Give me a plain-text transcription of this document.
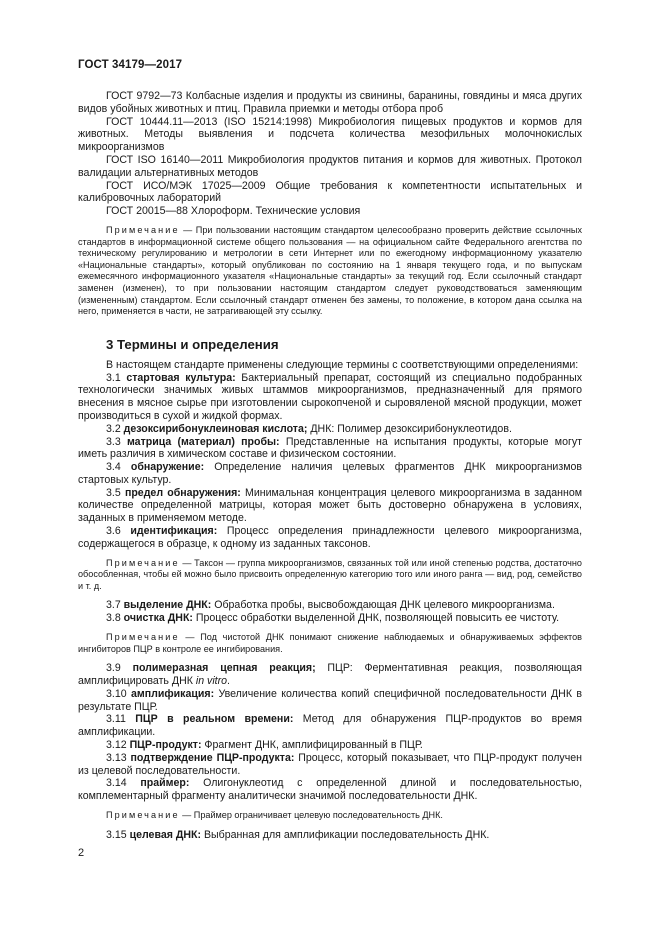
ГОСТ 34179—2017

ГОСТ 9792—73 Колбасные изделия и продукты из свинины, баранины, говядины и мяса других видов убойных животных и птиц. Правила приемки и методы отбора проб

ГОСТ 10444.11—2013 (ISO 15214:1998) Микробиология пищевых продуктов и кормов для животных. Методы выявления и подсчета количества мезофильных молочнокислых микроорганизмов

ГОСТ ISO 16140—2011 Микробиология продуктов питания и кормов для животных. Протокол валидации альтернативных методов

ГОСТ ИСО/МЭК 17025—2009 Общие требования к компетентности испытательных и калибровочных лабораторий

ГОСТ 20015—88 Хлороформ. Технические условия

Примечание — При пользовании настоящим стандартом целесообразно проверить действие ссылочных стандартов в информационной системе общего пользования — на официальном сайте Федерального агентства по техническому регулированию и метрологии в сети Интернет или по ежегодному информационному указателю «Национальные стандарты», который опубликован по состоянию на 1 января текущего года, и по выпускам ежемесячного информационного указателя «Национальные стандарты» за текущий год. Если ссылочный стандарт заменен (изменен), то при пользовании настоящим стандартом следует руководствоваться заменяющим (измененным) стандартом. Если ссылочный стандарт отменен без замены, то положение, в котором дана ссылка на него, применяется в части, не затрагивающей эту ссылку.

3 Термины и определения

В настоящем стандарте применены следующие термины с соответствующими определениями:

3.1 стартовая культура: Бактериальный препарат, состоящий из специально подобранных технологически значимых живых штаммов микроорганизмов, предназначенный для прямого внесения в мясное сырье при изготовлении сырокопченой и сыровяленой мясной продукции, может производиться в сухой и жидкой формах.

3.2 дезоксирибонуклеиновая кислота; ДНК: Полимер дезоксирибонуклеотидов.

3.3 матрица (материал) пробы: Представленные на испытания продукты, которые могут иметь различия в химическом составе и физическом состоянии.

3.4 обнаружение: Определение наличия целевых фрагментов ДНК микроорганизмов стартовых культур.

3.5 предел обнаружения: Минимальная концентрация целевого микроорганизма в заданном количестве определенной матрицы, которая может быть достоверно обнаружена в условиях, заданных в применяемом методе.

3.6 идентификация: Процесс определения принадлежности целевого микроорганизма, содержащегося в образце, к одному из заданных таксонов.

Примечание — Таксон — группа микроорганизмов, связанных той или иной степенью родства, достаточно обособленная, чтобы ей можно было присвоить определенную категорию того или иного ранга — вид, род, семейство и т. д.

3.7 выделение ДНК: Обработка пробы, высвобождающая ДНК целевого микроорганизма.

3.8 очистка ДНК: Процесс обработки выделенной ДНК, позволяющей повысить ее чистоту.

Примечание — Под чистотой ДНК понимают снижение наблюдаемых и обнаруживаемых эффектов ингибиторов ПЦР в контроле ее ингибирования.

3.9 полимеразная цепная реакция; ПЦР: Ферментативная реакция, позволяющая амплифицировать ДНК in vitro.

3.10 амплификация: Увеличение количества копий специфичной последовательности ДНК в результате ПЦР.

3.11 ПЦР в реальном времени: Метод для обнаружения ПЦР-продуктов во время амплификации.

3.12 ПЦР-продукт: Фрагмент ДНК, амплифицированный в ПЦР.

3.13 подтверждение ПЦР-продукта: Процесс, который показывает, что ПЦР-продукт получен из целевой последовательности.

3.14 праймер: Олигонуклеотид с определенной длиной и последовательностью, комплементарный фрагменту аналитически значимой последовательности ДНК.

Примечание — Праймер ограничивает целевую последовательность ДНК.

3.15 целевая ДНК: Выбранная для амплификации последовательность ДНК.

2
